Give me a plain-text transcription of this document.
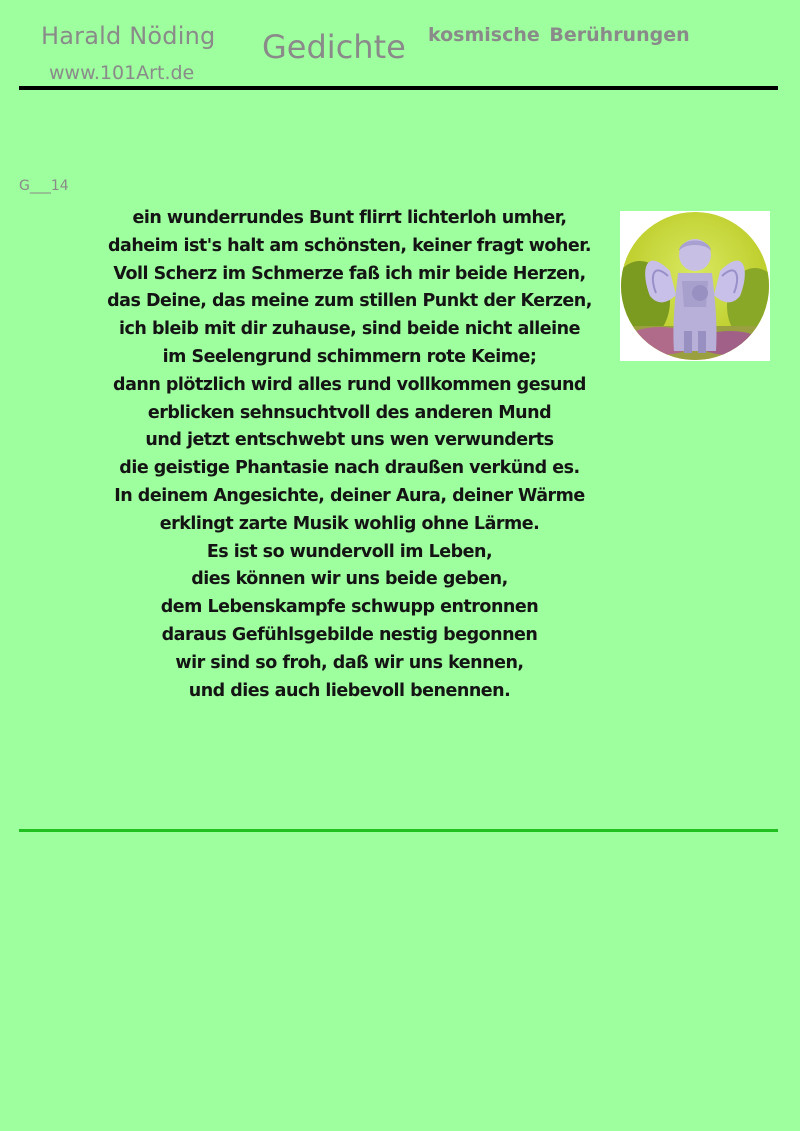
Harald Nöding
www.101Art.de
Gedichte kosmische Berührungen
G___14
ein wunderrundes Bunt flirrt lichterloh umher,
daheim ist's halt am schönsten, keiner fragt woher.
Voll Scherz im Schmerze faß ich mir beide Herzen,
das Deine, das meine zum stillen Punkt der Kerzen,
ich bleib mit dir zuhause, sind beide nicht alleine
im Seelengrund schimmern rote Keime;
dann plötzlich wird alles rund vollkommen gesund
erblicken sehnsuchtvoll des anderen Mund
und jetzt entschwebt uns wen verwunderts
die geistige Phantasie nach draußen verkünd es.
In deinem Angesichte, deiner Aura, deiner Wärme
erklingt zarte Musik wohlig ohne Lärme.
Es ist so wundervoll im Leben,
dies können wir uns beide geben,
dem Lebenskampfe schwupp entronnen
daraus Gefühlsgebilde nestig begonnen
wir sind so froh, daß wir uns kennen,
und dies auch liebevoll benennen.
